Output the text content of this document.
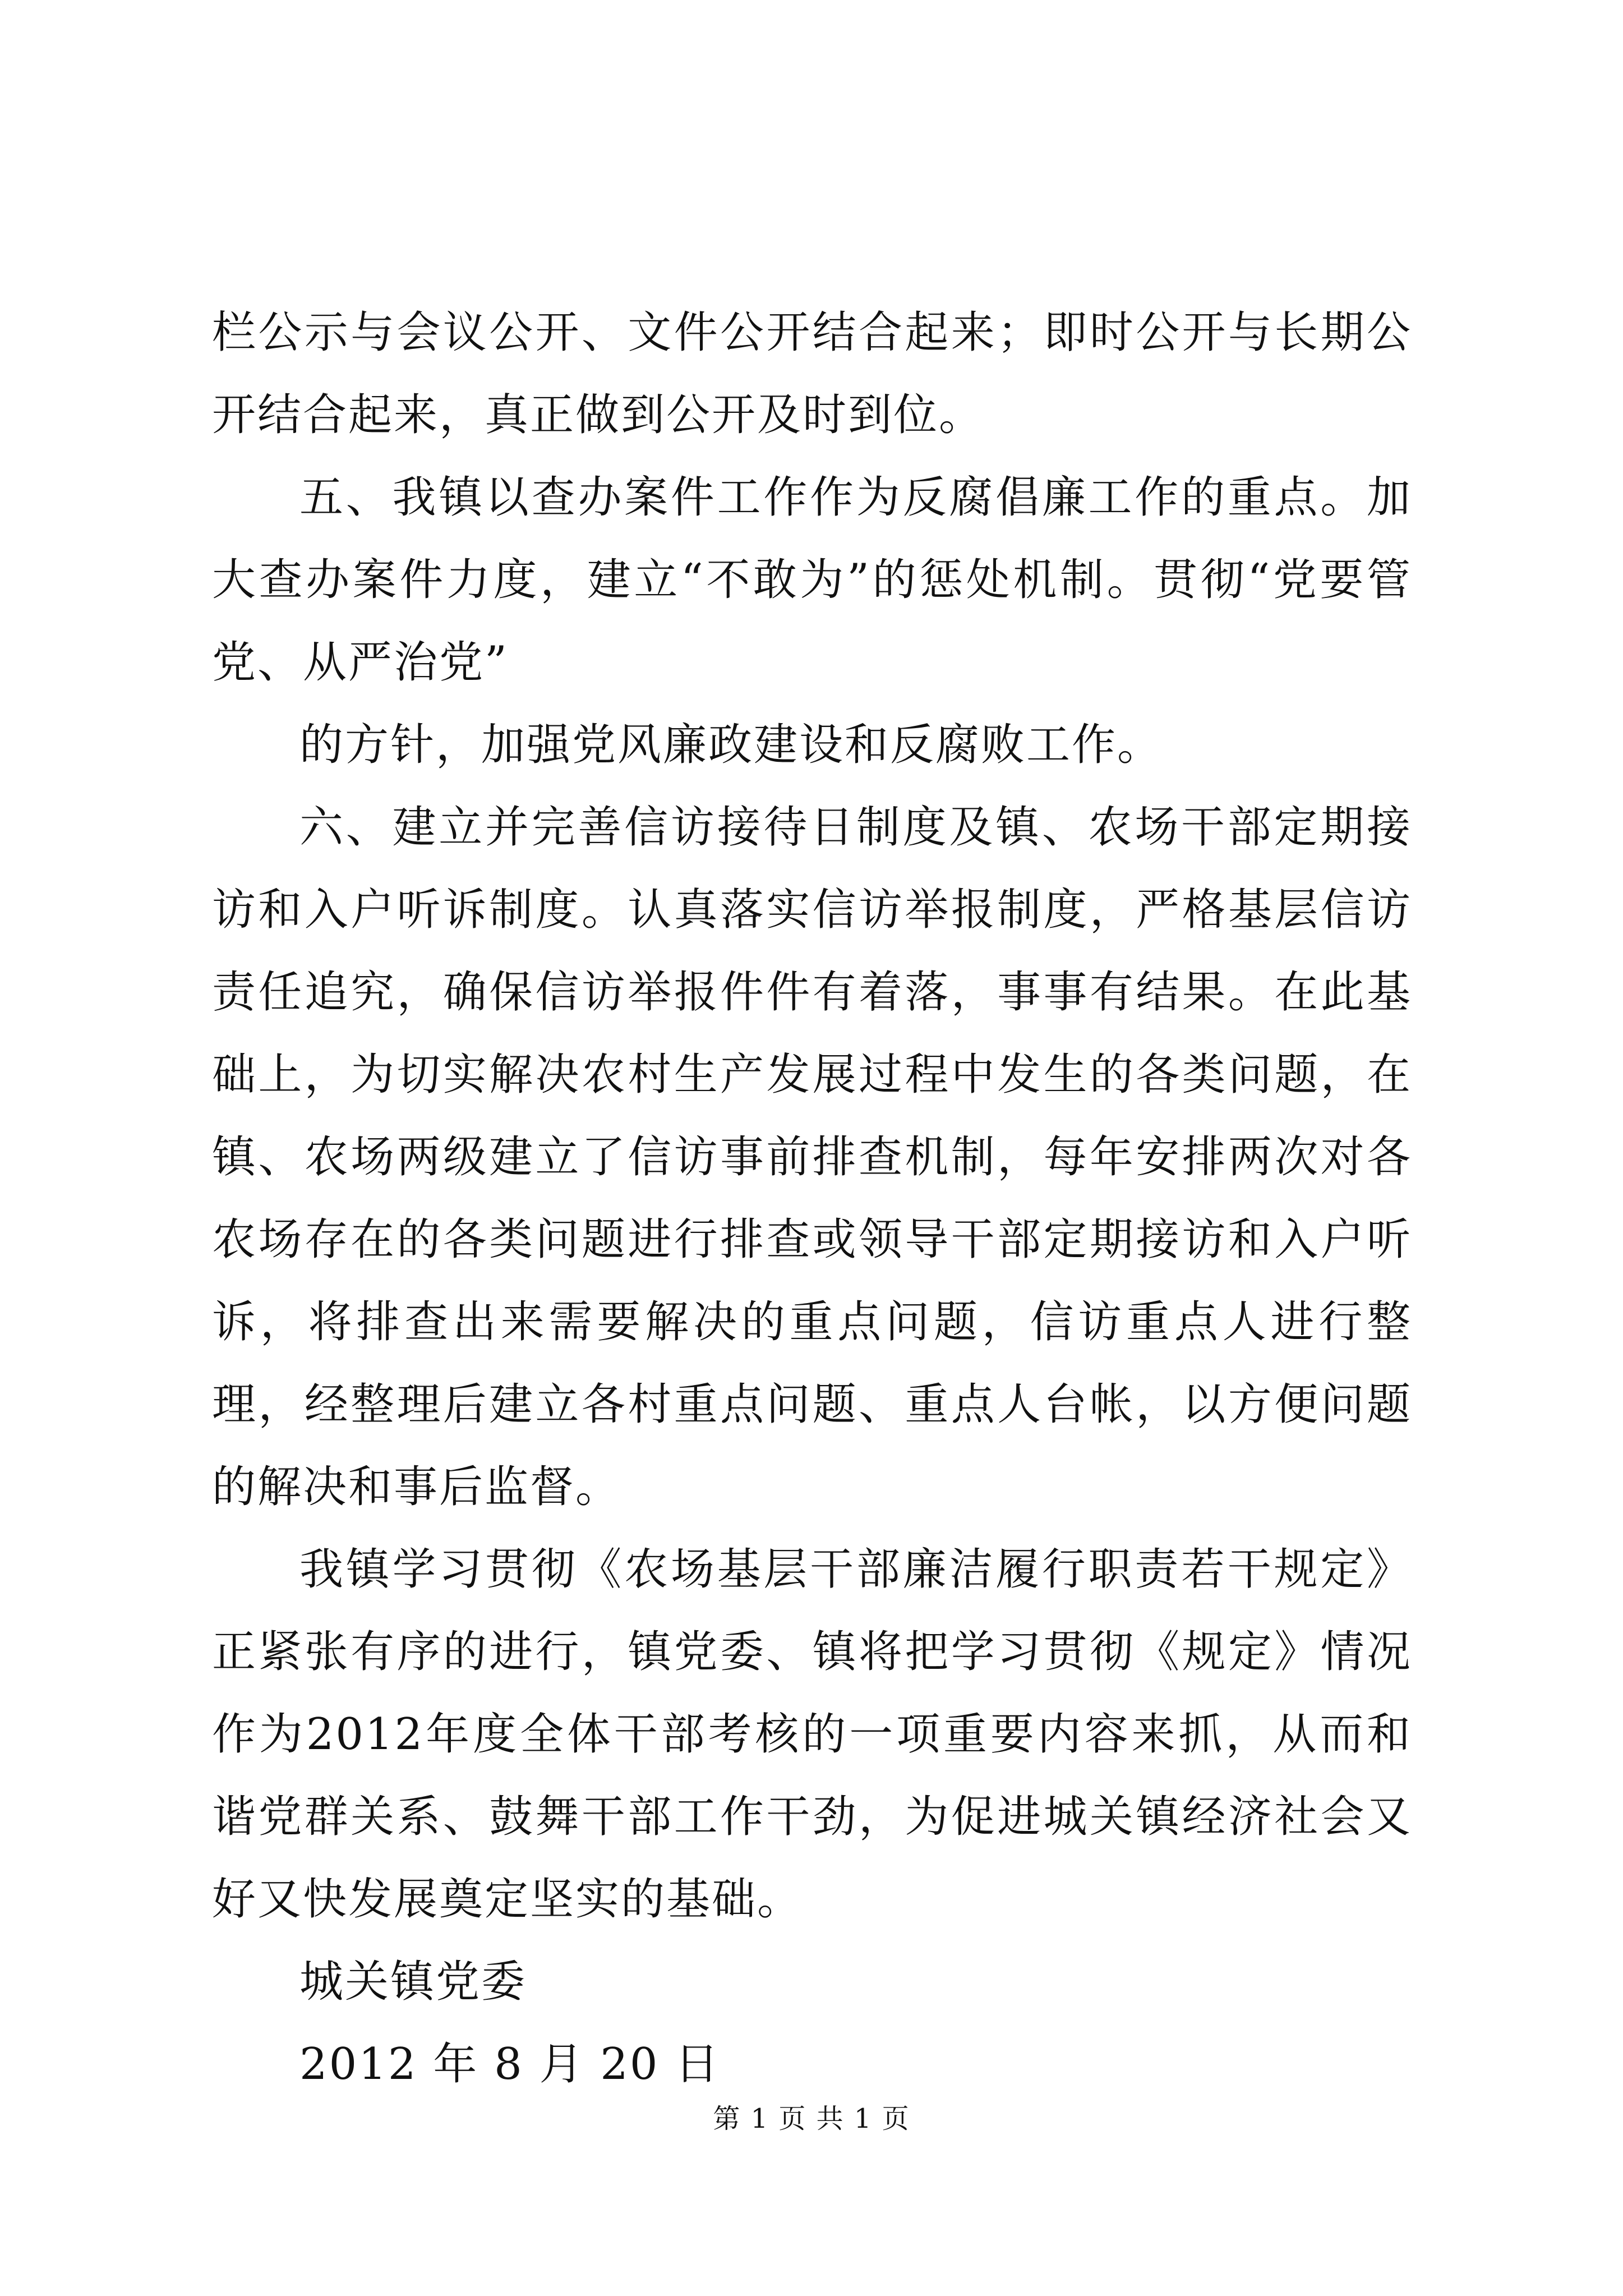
栏公示与会议公开、文件公开结合起来；即时公开与长期公开结合起来，真正做到公开及时到位。

五、我镇以查办案件工作作为反腐倡廉工作的重点。加大查办案件力度，建立“不敢为”的惩处机制。贯彻“党要管党、从严治党”

的方针，加强党风廉政建设和反腐败工作。

六、建立并完善信访接待日制度及镇、农场干部定期接访和入户听诉制度。认真落实信访举报制度，严格基层信访责任追究，确保信访举报件件有着落，事事有结果。在此基础上，为切实解决农村生产发展过程中发生的各类问题，在镇、农场两级建立了信访事前排查机制，每年安排两次对各农场存在的各类问题进行排查或领导干部定期接访和入户听诉，将排查出来需要解决的重点问题，信访重点人进行整理，经整理后建立各村重点问题、重点人台帐，以方便问题的解决和事后监督。

我镇学习贯彻《农场基层干部廉洁履行职责若干规定》正紧张有序的进行，镇党委、镇将把学习贯彻《规定》情况作为2012年度全体干部考核的一项重要内容来抓，从而和谐党群关系、鼓舞干部工作干劲，为促进城关镇经济社会又好又快发展奠定坚实的基础。

城关镇党委

2012 年 8 月 20 日

第 1 页 共 1 页
